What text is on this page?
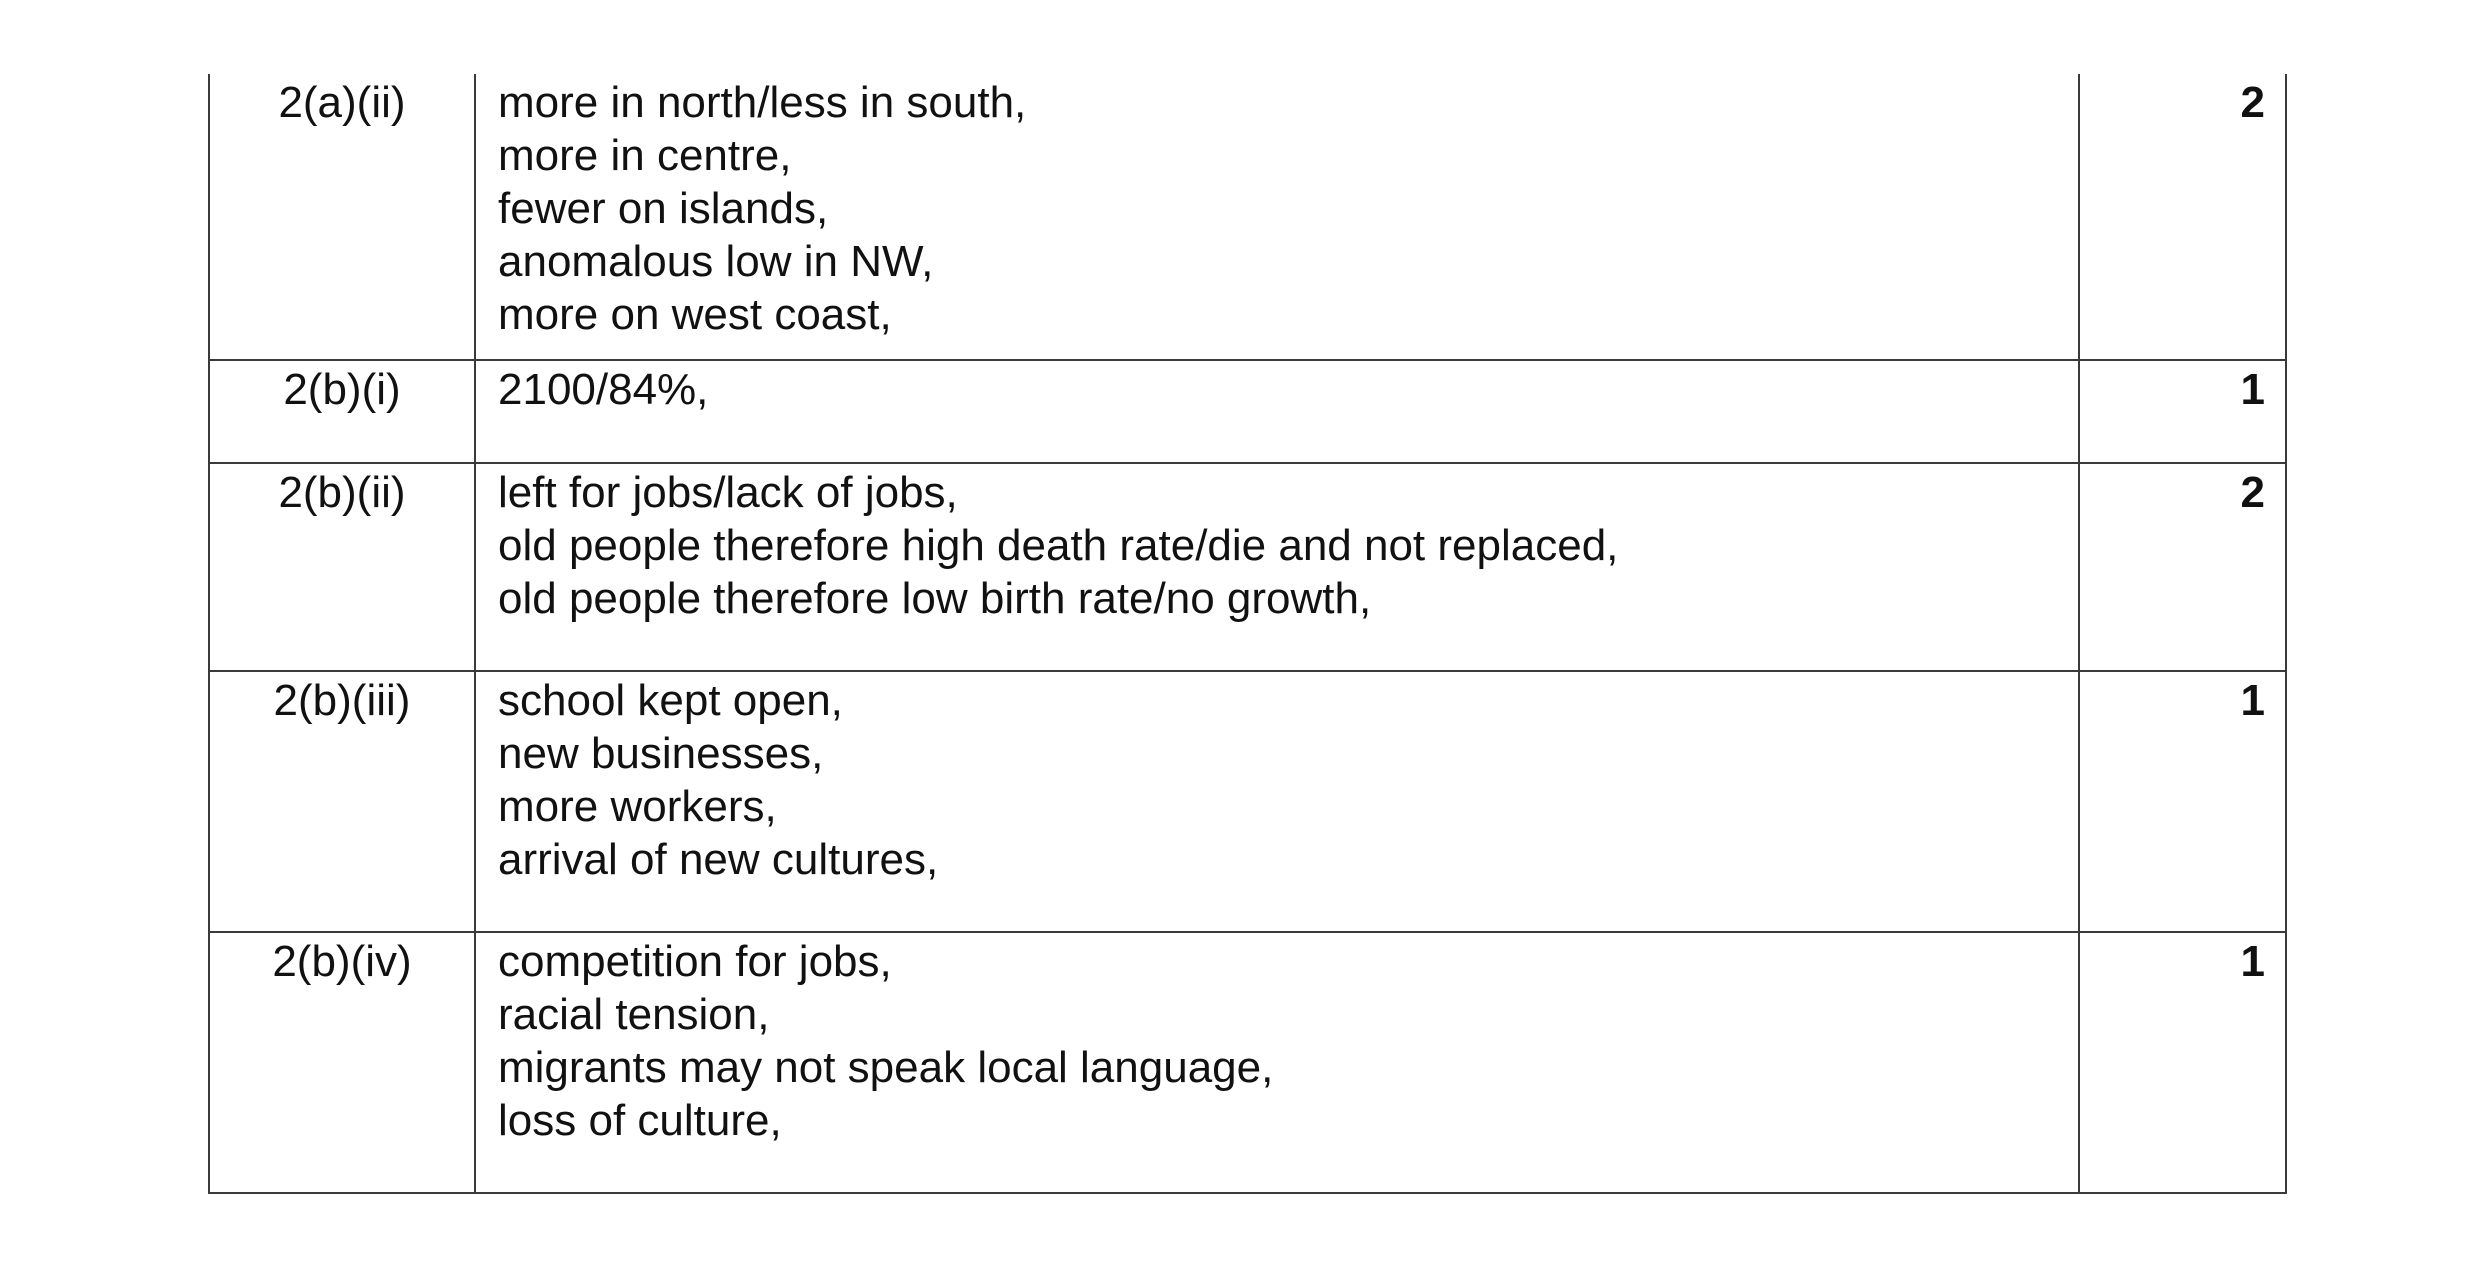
2(a)(ii)	more in north/less in south,
more in centre,
fewer on islands,
anomalous low in NW,
more on west coast,	2
2(b)(i)	2100/84%,	1
2(b)(ii)	left for jobs/lack of jobs,
old people therefore high death rate/die and not replaced,
old people therefore low birth rate/no growth,	2
2(b)(iii)	school kept open,
new businesses,
more workers,
arrival of new cultures,	1
2(b)(iv)	competition for jobs,
racial tension,
migrants may not speak local language,
loss of culture,	1
